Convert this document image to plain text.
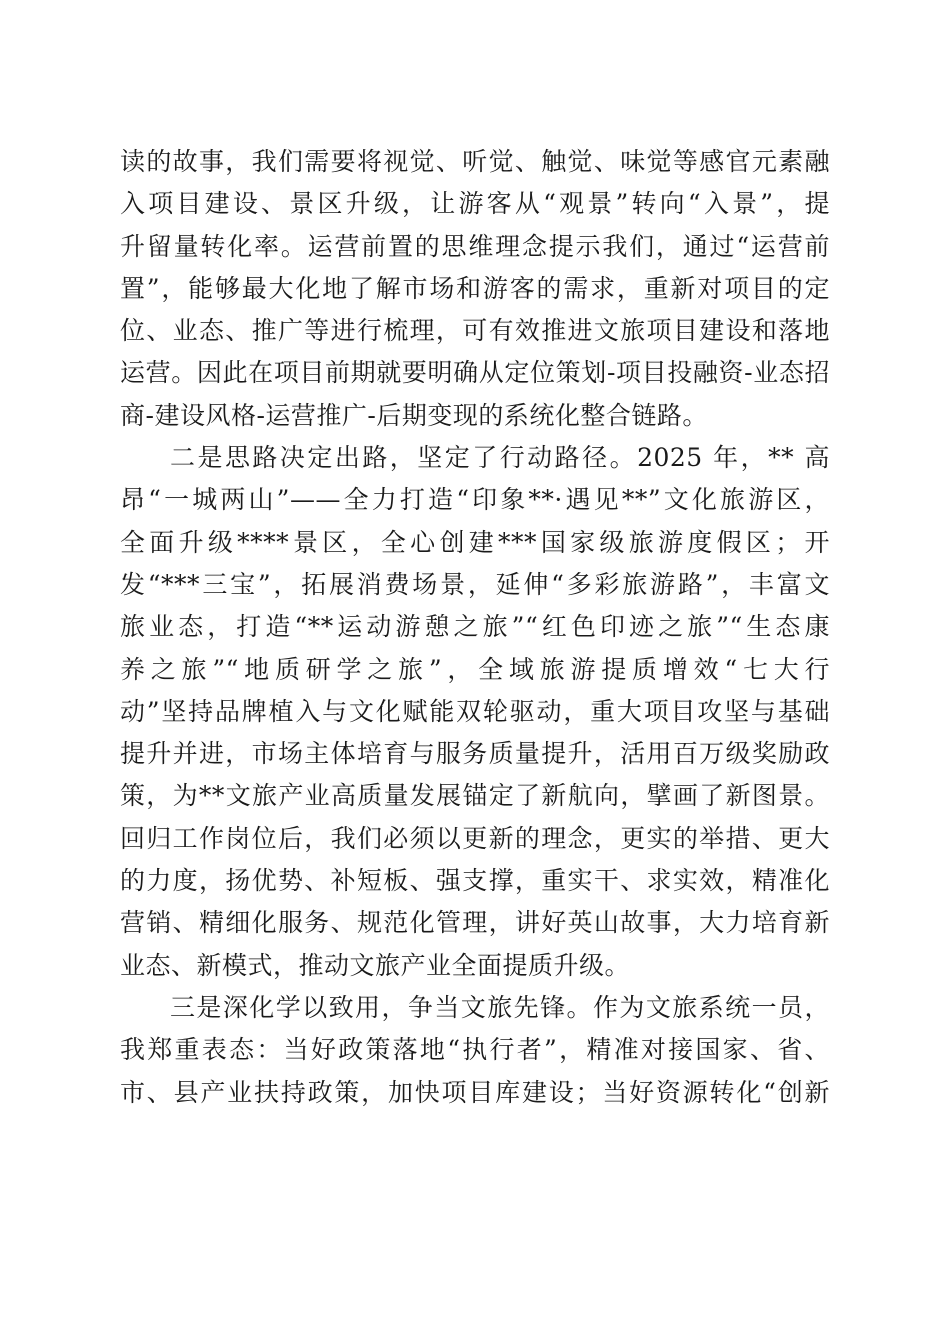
读的故事，我们需要将视觉、听觉、触觉、味觉等感官元素融
入项目建设、景区升级，让游客从“观景”转向“入景”，提
升留量转化率。运营前置的思维理念提示我们，通过“运营前
置”，能够最大化地了解市场和游客的需求，重新对项目的定
位、业态、推广等进行梳理，可有效推进文旅项目建设和落地
运营。因此在项目前期就要明确从定位策划-项目投融资-业态招
商-建设风格-运营推广-后期变现的系统化整合链路。
二是思路决定出路，坚定了行动路径。2025 年，** 高
昂“一城两山”——全力打造“印象**·遇见**”文化旅游区，
全面升级****景区，全心创建***国家级旅游度假区；开
发“***三宝”，拓展消费场景，延伸“多彩旅游路”，丰富文
旅业态，打造“**运动游憩之旅”“红色印迹之旅”“生态康
养之旅”“地质研学之旅”，全域旅游提质增效“七大行
动”坚持品牌植入与文化赋能双轮驱动，重大项目攻坚与基础
提升并进，市场主体培育与服务质量提升，活用百万级奖励政
策，为**文旅产业高质量发展锚定了新航向，擘画了新图景。
回归工作岗位后，我们必须以更新的理念，更实的举措、更大
的力度，扬优势、补短板、强支撑，重实干、求实效，精准化
营销、精细化服务、规范化管理，讲好英山故事，大力培育新
业态、新模式，推动文旅产业全面提质升级。
三是深化学以致用，争当文旅先锋。作为文旅系统一员，
我郑重表态：当好政策落地“执行者”，精准对接国家、省、
市、县产业扶持政策，加快项目库建设；当好资源转化“创新
